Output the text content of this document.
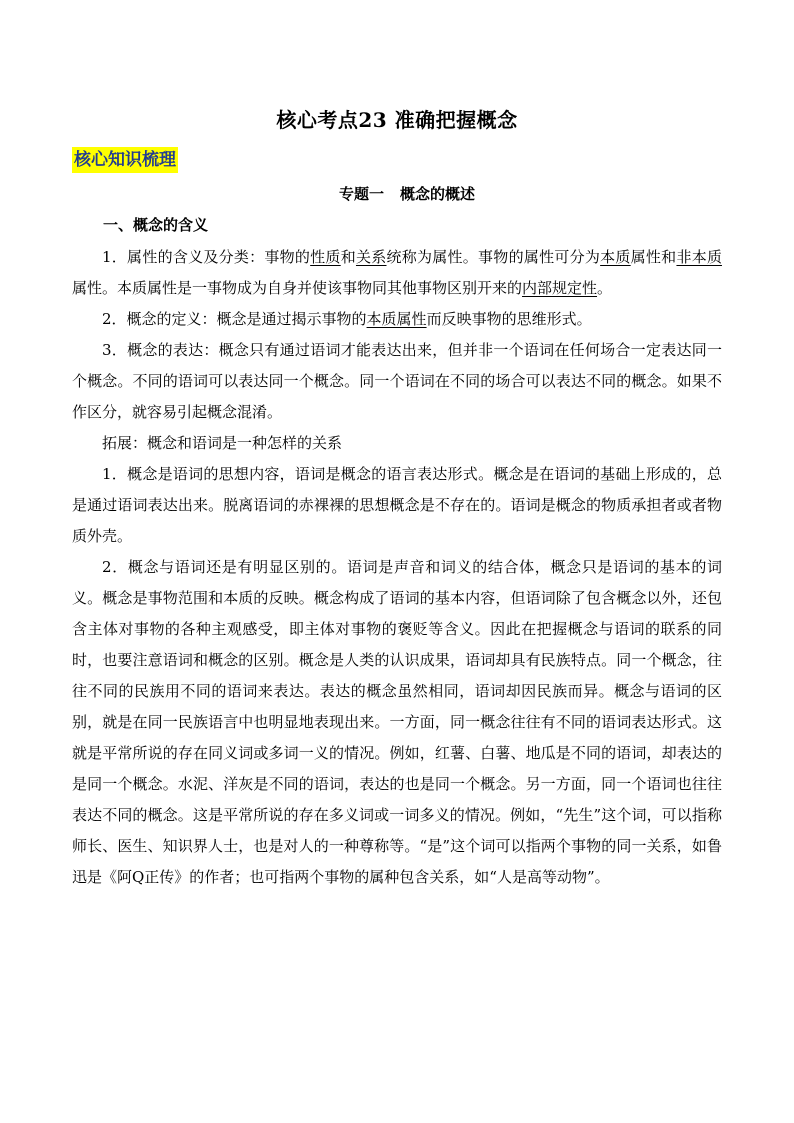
核心考点23 准确把握概念
核心知识梳理
专题一 概念的概述
一、概念的含义

1．属性的含义及分类：事物的性质和关系统称为属性。事物的属性可分为本质属性和非本质属性。本质属性是一事物成为自身并使该事物同其他事物区别开来的内部规定性。

2．概念的定义：概念是通过揭示事物的本质属性而反映事物的思维形式。

3．概念的表达：概念只有通过语词才能表达出来，但并非一个语词在任何场合一定表达同一个概念。不同的语词可以表达同一个概念。同一个语词在不同的场合可以表达不同的概念。如果不作区分，就容易引起概念混淆。

拓展：概念和语词是一种怎样的关系

1．概念是语词的思想内容，语词是概念的语言表达形式。概念是在语词的基础上形成的，总是通过语词表达出来。脱离语词的赤裸裸的思想概念是不存在的。语词是概念的物质承担者或者物质外壳。

2．概念与语词还是有明显区别的。语词是声音和词义的结合体，概念只是语词的基本的词义。概念是事物范围和本质的反映。概念构成了语词的基本内容，但语词除了包含概念以外，还包含主体对事物的各种主观感受，即主体对事物的褒贬等含义。因此在把握概念与语词的联系的同时，也要注意语词和概念的区别。概念是人类的认识成果，语词却具有民族特点。同一个概念，往往不同的民族用不同的语词来表达。表达的概念虽然相同，语词却因民族而异。概念与语词的区别，就是在同一民族语言中也明显地表现出来。一方面，同一概念往往有不同的语词表达形式。这就是平常所说的存在同义词或多词一义的情况。例如，红薯、白薯、地瓜是不同的语词，却表达的是同一个概念。水泥、洋灰是不同的语词，表达的也是同一个概念。另一方面，同一个语词也往往表达不同的概念。这是平常所说的存在多义词或一词多义的情况。例如，“先生”这个词，可以指称师长、医生、知识界人士，也是对人的一种尊称等。“是”这个词可以指两个事物的同一关系，如鲁迅是《阿Q正传》的作者；也可指两个事物的属种包含关系，如“人是高等动物”。
